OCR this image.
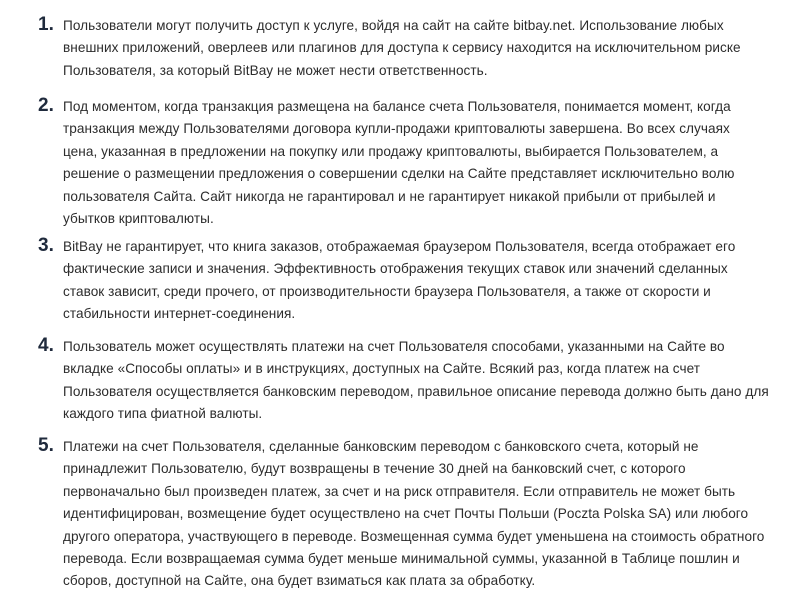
1. Пользователи могут получить доступ к услуге, войдя на сайт на сайте bitbay.net. Использование любых
внешних приложений, оверлеев или плагинов для доступа к сервису находится на исключительном риске
Пользователя, за который BitBay не может нести ответственность.
2. Под моментом, когда транзакция размещена на балансе счета Пользователя, понимается момент, когда
транзакция между Пользователями договора купли-продажи криптовалюты завершена. Во всех случаях
цена, указанная в предложении на покупку или продажу криптовалюты, выбирается Пользователем, а
решение о размещении предложения о совершении сделки на Сайте представляет исключительно волю
пользователя Сайта. Сайт никогда не гарантировал и не гарантирует никакой прибыли от прибылей и
убытков криптовалюты.
3. BitBay не гарантирует, что книга заказов, отображаемая браузером Пользователя, всегда отображает его
фактические записи и значения. Эффективность отображения текущих ставок или значений сделанных
ставок зависит, среди прочего, от производительности браузера Пользователя, а также от скорости и
стабильности интернет-соединения.
4. Пользователь может осуществлять платежи на счет Пользователя способами, указанными на Сайте во
вкладке «Способы оплаты» и в инструкциях, доступных на Сайте. Всякий раз, когда платеж на счет
Пользователя осуществляется банковским переводом, правильное описание перевода должно быть дано для
каждого типа фиатной валюты.
5. Платежи на счет Пользователя, сделанные банковским переводом с банковского счета, который не
принадлежит Пользователю, будут возвращены в течение 30 дней на банковский счет, с которого
первоначально был произведен платеж, за счет и на риск отправителя. Если отправитель не может быть
идентифицирован, возмещение будет осуществлено на счет Почты Польши (Poczta Polska SA) или любого
другого оператора, участвующего в переводе. Возмещенная сумма будет уменьшена на стоимость обратного
перевода. Если возвращаемая сумма будет меньше минимальной суммы, указанной в Таблице пошлин и
сборов, доступной на Сайте, она будет взиматься как плата за обработку.
